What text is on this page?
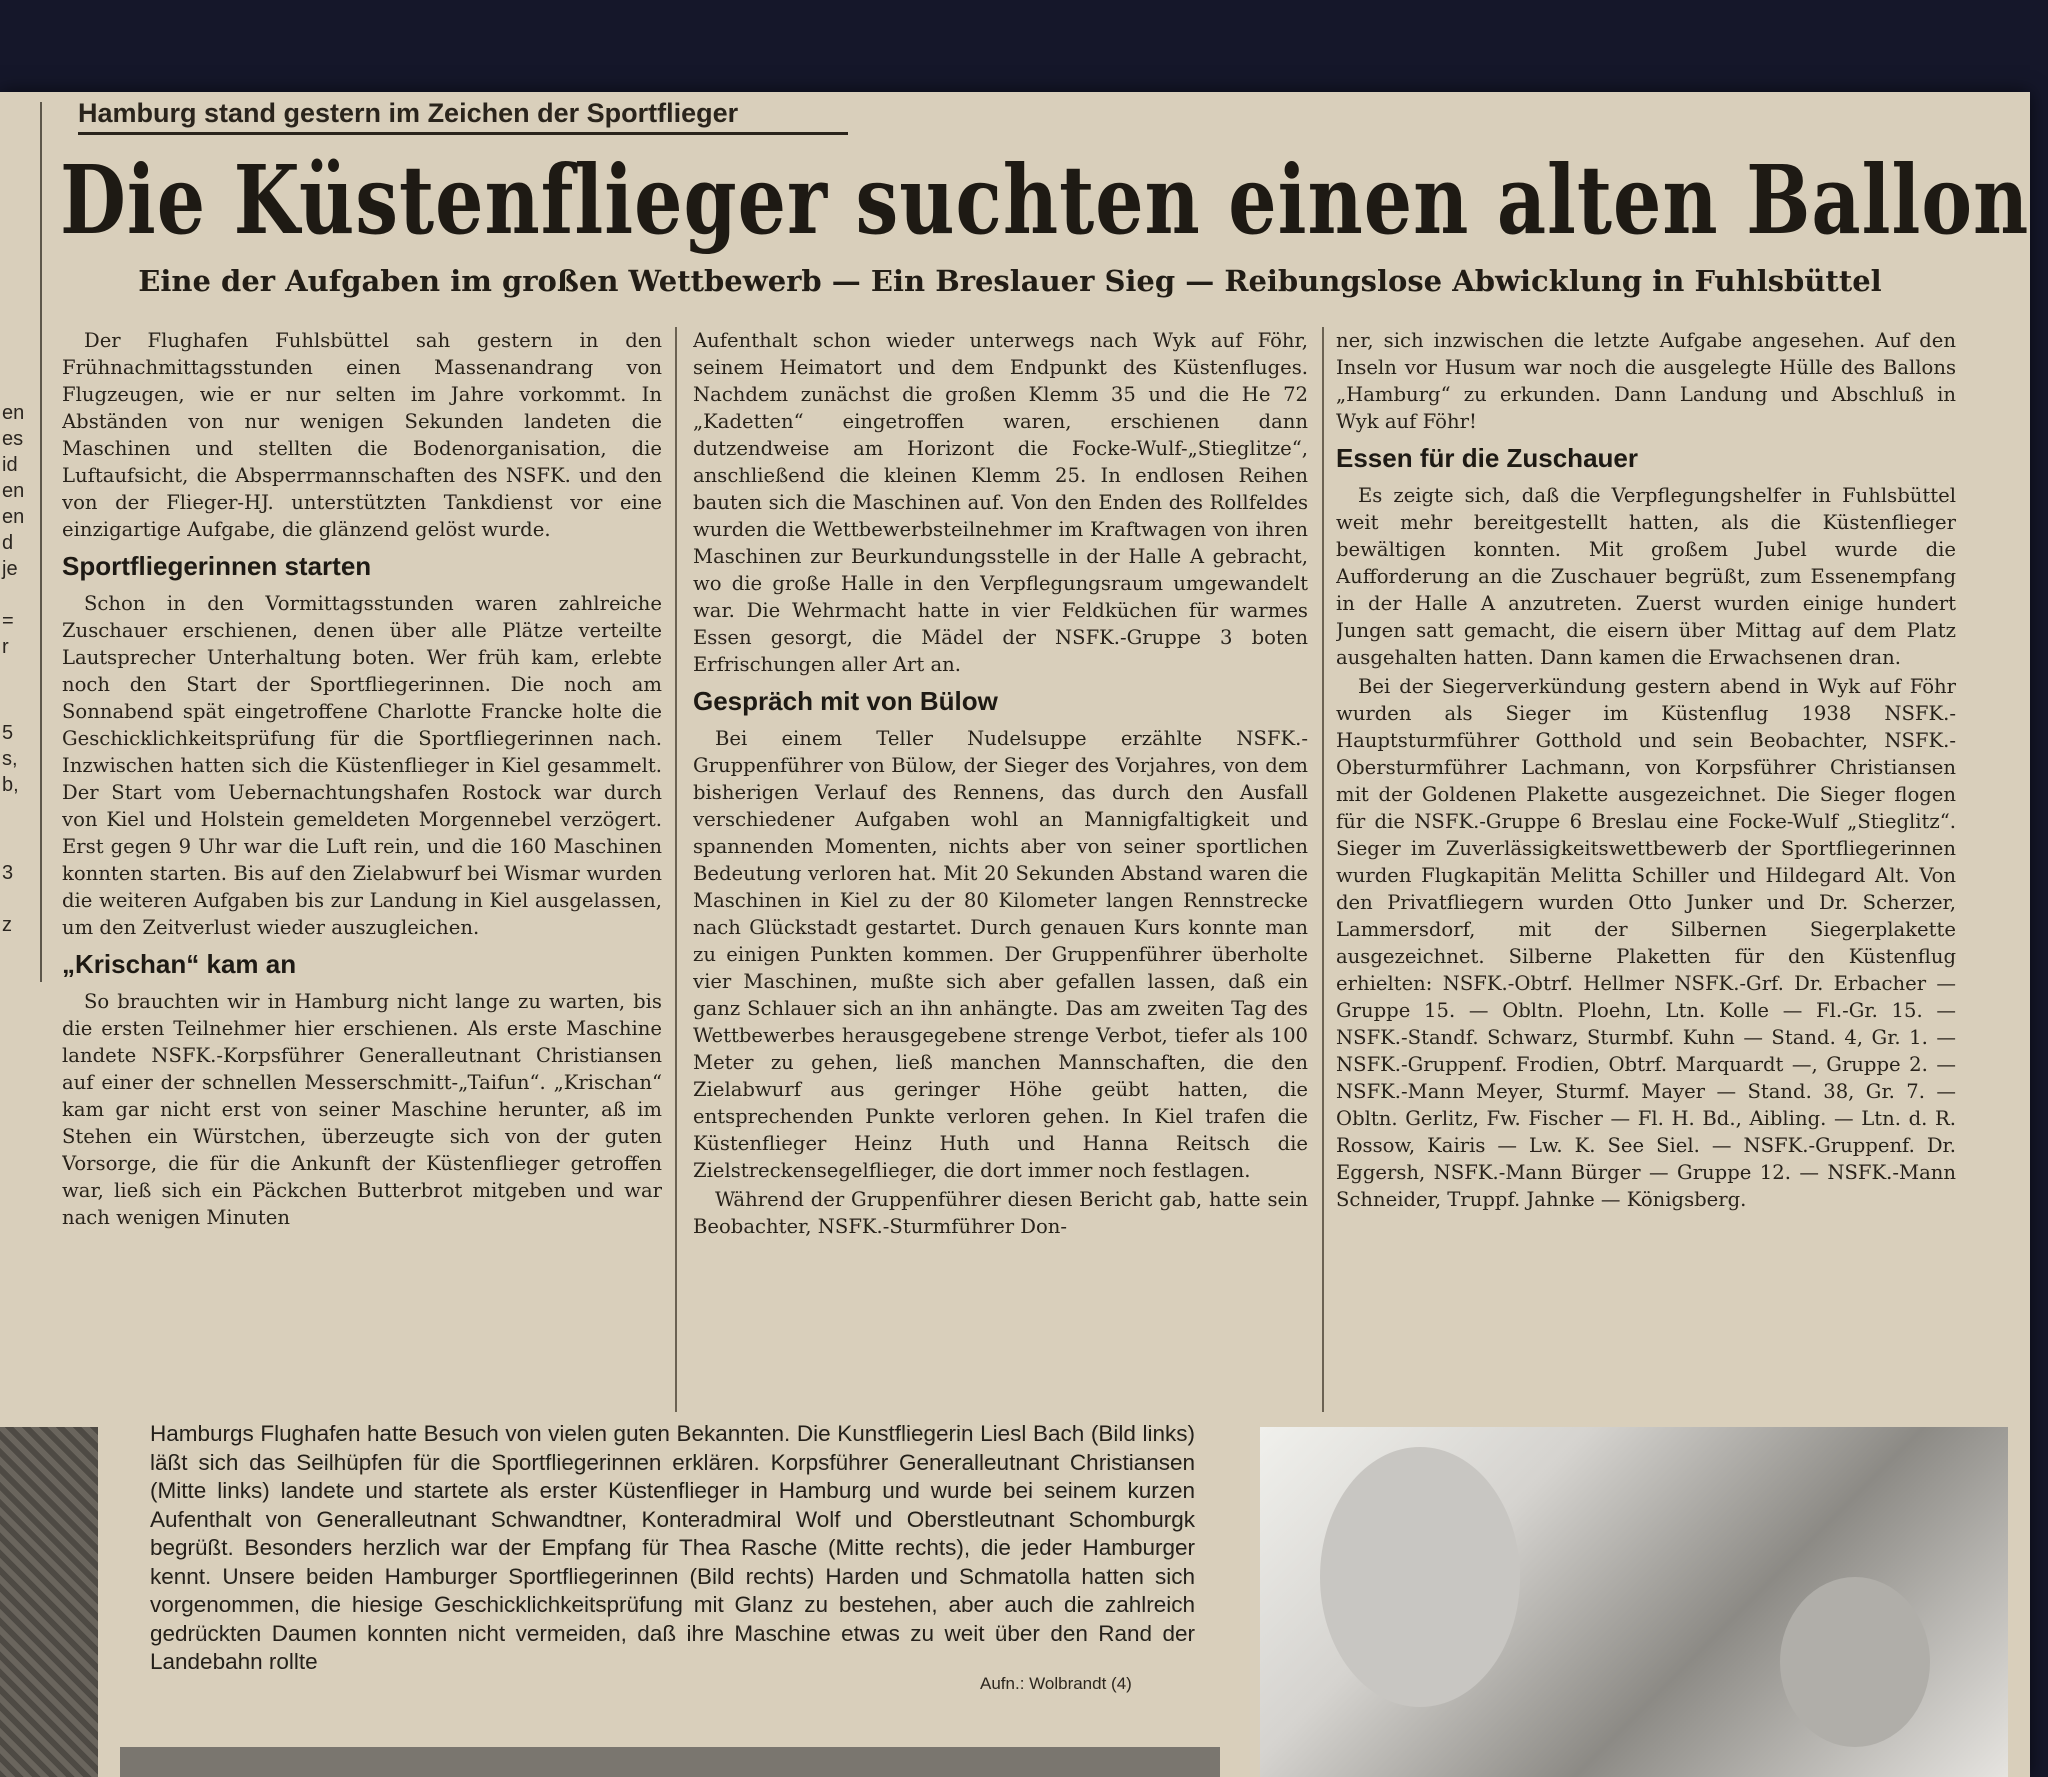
en
es
id
en
en
d
je
=
r
5
s,
b,
3
z
Hamburg stand gestern im Zeichen der Sportflieger
Die Küstenflieger suchten einen alten Ballon
Eine der Aufgaben im großen Wettbewerb — Ein Breslauer Sieg — Reibungslose Abwicklung in Fuhlsbüttel

Der Flughafen Fuhlsbüttel sah gestern in den Frühnachmittagsstunden einen Massenandrang von Flugzeugen, wie er nur selten im Jahre vorkommt. In Abständen von nur wenigen Sekunden landeten die Maschinen und stellten die Bodenorganisation, die Luftaufsicht, die Absperrmannschaften des NSFK. und den von der Flieger-HJ. unterstützten Tankdienst vor eine einzigartige Aufgabe, die glänzend gelöst wurde.

Sportfliegerinnen starten

Schon in den Vormittagsstunden waren zahlreiche Zuschauer erschienen, denen über alle Plätze verteilte Lautsprecher Unterhaltung boten. Wer früh kam, erlebte noch den Start der Sportfliegerinnen. Die noch am Sonnabend spät eingetroffene Charlotte Francke holte die Geschicklichkeitsprüfung für die Sportfliegerinnen nach. Inzwischen hatten sich die Küstenflieger in Kiel gesammelt. Der Start vom Uebernachtungshafen Rostock war durch von Kiel und Holstein gemeldeten Morgennebel verzögert. Erst gegen 9 Uhr war die Luft rein, und die 160 Maschinen konnten starten. Bis auf den Zielabwurf bei Wismar wurden die weiteren Aufgaben bis zur Landung in Kiel ausgelassen, um den Zeitverlust wieder auszugleichen.

„Krischan“ kam an

So brauchten wir in Hamburg nicht lange zu warten, bis die ersten Teilnehmer hier erschienen. Als erste Maschine landete NSFK.-Korpsführer Generalleutnant Christiansen auf einer der schnellen Messerschmitt-„Taifun“. „Krischan“ kam gar nicht erst von seiner Maschine herunter, aß im Stehen ein Würstchen, überzeugte sich von der guten Vorsorge, die für die Ankunft der Küstenflieger getroffen war, ließ sich ein Päckchen Butterbrot mitgeben und war nach wenigen Minuten

Aufenthalt schon wieder unterwegs nach Wyk auf Föhr, seinem Heimatort und dem Endpunkt des Küstenfluges. Nachdem zunächst die großen Klemm 35 und die He 72 „Kadetten“ eingetroffen waren, erschienen dann dutzendweise am Horizont die Focke-Wulf-„Stieglitze“, anschließend die kleinen Klemm 25. In endlosen Reihen bauten sich die Maschinen auf. Von den Enden des Rollfeldes wurden die Wettbewerbsteilnehmer im Kraftwagen von ihren Maschinen zur Beurkundungsstelle in der Halle A gebracht, wo die große Halle in den Verpflegungsraum umgewandelt war. Die Wehrmacht hatte in vier Feldküchen für warmes Essen gesorgt, die Mädel der NSFK.-Gruppe 3 boten Erfrischungen aller Art an.

Gespräch mit von Bülow

Bei einem Teller Nudelsuppe erzählte NSFK.-Gruppenführer von Bülow, der Sieger des Vorjahres, von dem bisherigen Verlauf des Rennens, das durch den Ausfall verschiedener Aufgaben wohl an Mannigfaltigkeit und spannenden Momenten, nichts aber von seiner sportlichen Bedeutung verloren hat. Mit 20 Sekunden Abstand waren die Maschinen in Kiel zu der 80 Kilometer langen Rennstrecke nach Glückstadt gestartet. Durch genauen Kurs konnte man zu einigen Punkten kommen. Der Gruppenführer überholte vier Maschinen, mußte sich aber gefallen lassen, daß ein ganz Schlauer sich an ihn anhängte. Das am zweiten Tag des Wettbewerbes herausgegebene strenge Verbot, tiefer als 100 Meter zu gehen, ließ manchen Mannschaften, die den Zielabwurf aus geringer Höhe geübt hatten, die entsprechenden Punkte verloren gehen. In Kiel trafen die Küstenflieger Heinz Huth und Hanna Reitsch die Zielstreckensegelflieger, die dort immer noch festlagen.

Während der Gruppenführer diesen Bericht gab, hatte sein Beobachter, NSFK.-Sturmführer Don-

ner, sich inzwischen die letzte Aufgabe angesehen. Auf den Inseln vor Husum war noch die ausgelegte Hülle des Ballons „Hamburg“ zu erkunden. Dann Landung und Abschluß in Wyk auf Föhr!

Essen für die Zuschauer

Es zeigte sich, daß die Verpflegungshelfer in Fuhlsbüttel weit mehr bereitgestellt hatten, als die Küstenflieger bewältigen konnten. Mit großem Jubel wurde die Aufforderung an die Zuschauer begrüßt, zum Essenempfang in der Halle A anzutreten. Zuerst wurden einige hundert Jungen satt gemacht, die eisern über Mittag auf dem Platz ausgehalten hatten. Dann kamen die Erwachsenen dran.

Bei der Siegerverkündung gestern abend in Wyk auf Föhr wurden als Sieger im Küstenflug 1938 NSFK.-Hauptsturmführer Gotthold und sein Beobachter, NSFK.-Obersturmführer Lachmann, von Korpsführer Christiansen mit der Goldenen Plakette ausgezeichnet. Die Sieger flogen für die NSFK.-Gruppe 6 Breslau eine Focke-Wulf „Stieglitz“. Sieger im Zuverlässigkeitswettbewerb der Sportfliegerinnen wurden Flugkapitän Melitta Schiller und Hildegard Alt. Von den Privatfliegern wurden Otto Junker und Dr. Scherzer, Lammersdorf, mit der Silbernen Siegerplakette ausgezeichnet. Silberne Plaketten für den Küstenflug erhielten: NSFK.-Obtrf. Hellmer NSFK.-Grf. Dr. Erbacher — Gruppe 15. — Obltn. Ploehn, Ltn. Kolle — Fl.-Gr. 15. — NSFK.-Standf. Schwarz, Sturmbf. Kuhn — Stand. 4, Gr. 1. — NSFK.-Gruppenf. Frodien, Obtrf. Marquardt —, Gruppe 2. — NSFK.-Mann Meyer, Sturmf. Mayer — Stand. 38, Gr. 7. — Obltn. Gerlitz, Fw. Fischer — Fl. H. Bd., Aibling. — Ltn. d. R. Rossow, Kairis — Lw. K. See Siel. — NSFK.-Gruppenf. Dr. Eggersh, NSFK.-Mann Bürger — Gruppe 12. — NSFK.-Mann Schneider, Truppf. Jahnke — Königsberg.

Hamburgs Flughafen hatte Besuch von vielen guten Bekannten. Die Kunstfliegerin Liesl Bach (Bild links) läßt sich das Seilhüpfen für die Sportfliegerinnen erklären. Korpsführer Generalleutnant Christiansen (Mitte links) landete und startete als erster Küstenflieger in Hamburg und wurde bei seinem kurzen Aufenthalt von Generalleutnant Schwandtner, Konteradmiral Wolf und Oberstleutnant Schomburgk begrüßt. Besonders herzlich war der Empfang für Thea Rasche (Mitte rechts), die jeder Hamburger kennt. Unsere beiden Hamburger Sportfliegerinnen (Bild rechts) Harden und Schmatolla hatten sich vorgenommen, die hiesige Geschicklichkeitsprüfung mit Glanz zu bestehen, aber auch die zahlreich gedrückten Daumen konnten nicht vermeiden, daß ihre Maschine etwas zu weit über den Rand der Landebahn rollte
Aufn.: Wolbrandt (4)
